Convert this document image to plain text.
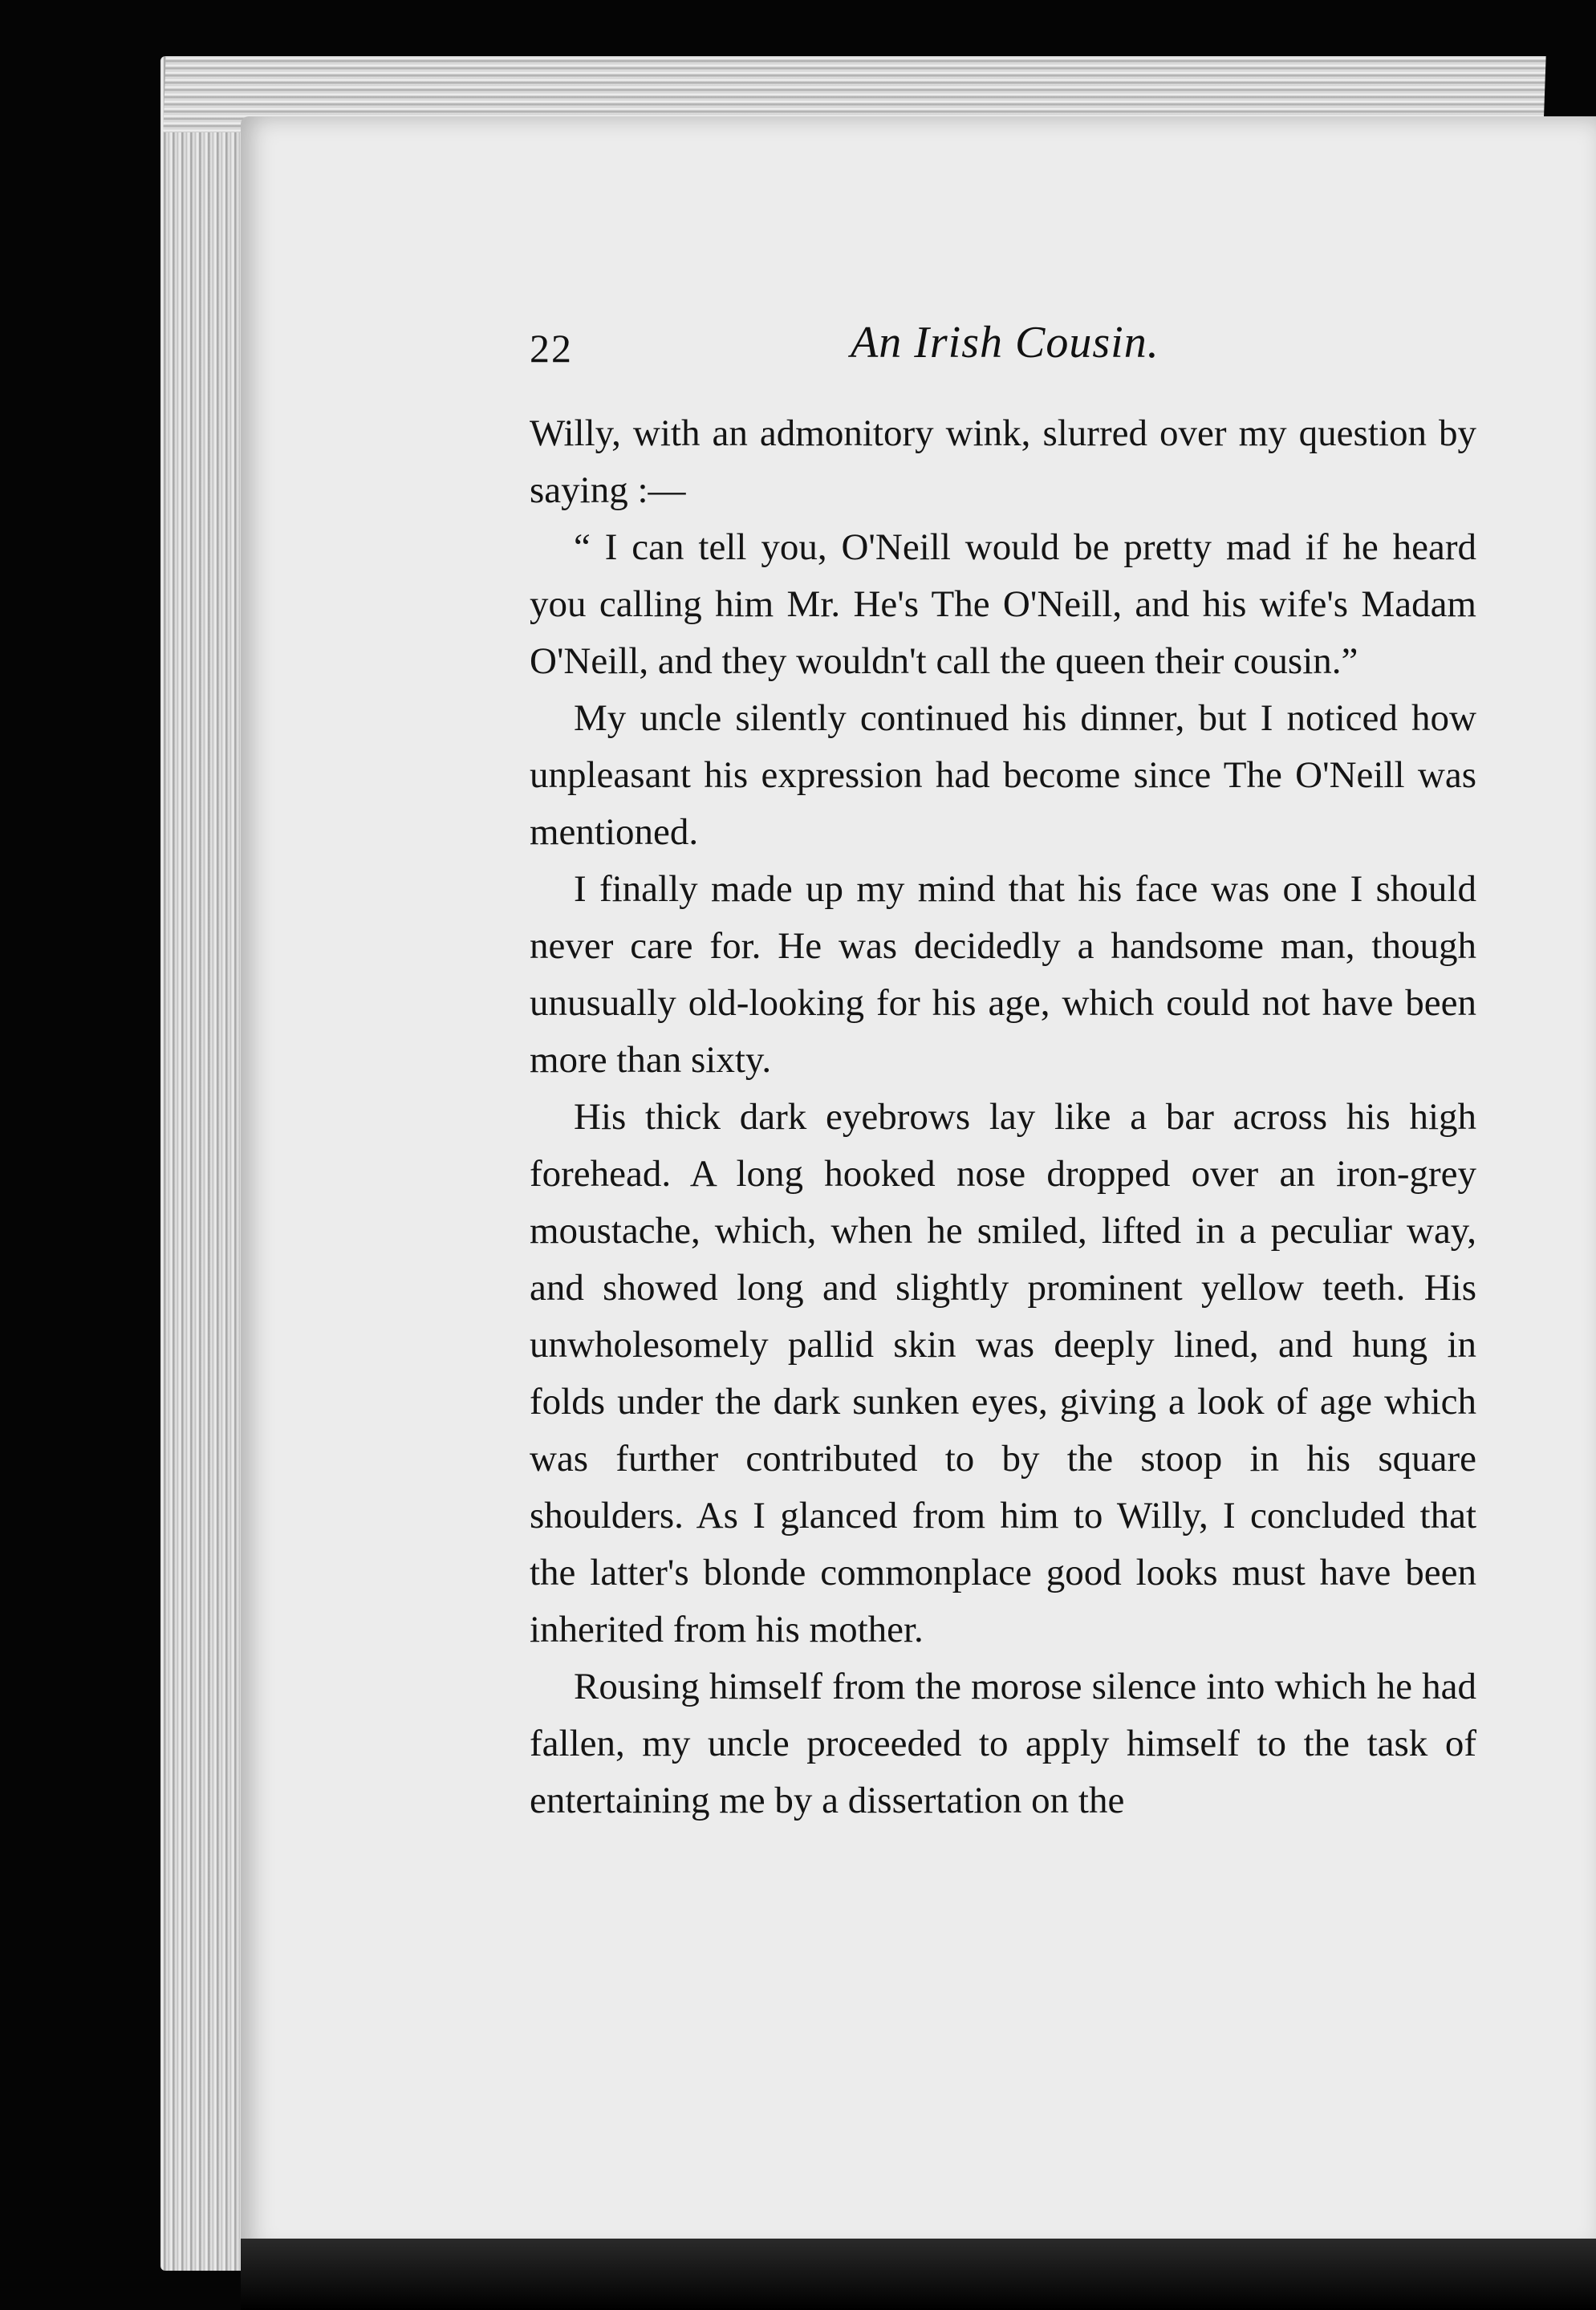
22	An Irish Cousin.

Willy, with an admonitory wink, slurred over my question by saying :—

“ I can tell you, O'Neill would be pretty mad if he heard you calling him Mr. He's The O'Neill, and his wife's Madam O'Neill, and they wouldn't call the queen their cousin.”

My uncle silently continued his dinner, but I noticed how unpleasant his expression had become since The O'Neill was mentioned.

I finally made up my mind that his face was one I should never care for. He was decidedly a handsome man, though unusually old-looking for his age, which could not have been more than sixty.

His thick dark eyebrows lay like a bar across his high forehead. A long hooked nose dropped over an iron-grey moustache, which, when he smiled, lifted in a peculiar way, and showed long and slightly prominent yellow teeth. His unwholesomely pallid skin was deeply lined, and hung in folds under the dark sunken eyes, giving a look of age which was further contributed to by the stoop in his square shoulders. As I glanced from him to Willy, I concluded that the latter's blonde commonplace good looks must have been inherited from his mother.

Rousing himself from the morose silence into which he had fallen, my uncle proceeded to apply himself to the task of entertaining me by a dissertation on the
